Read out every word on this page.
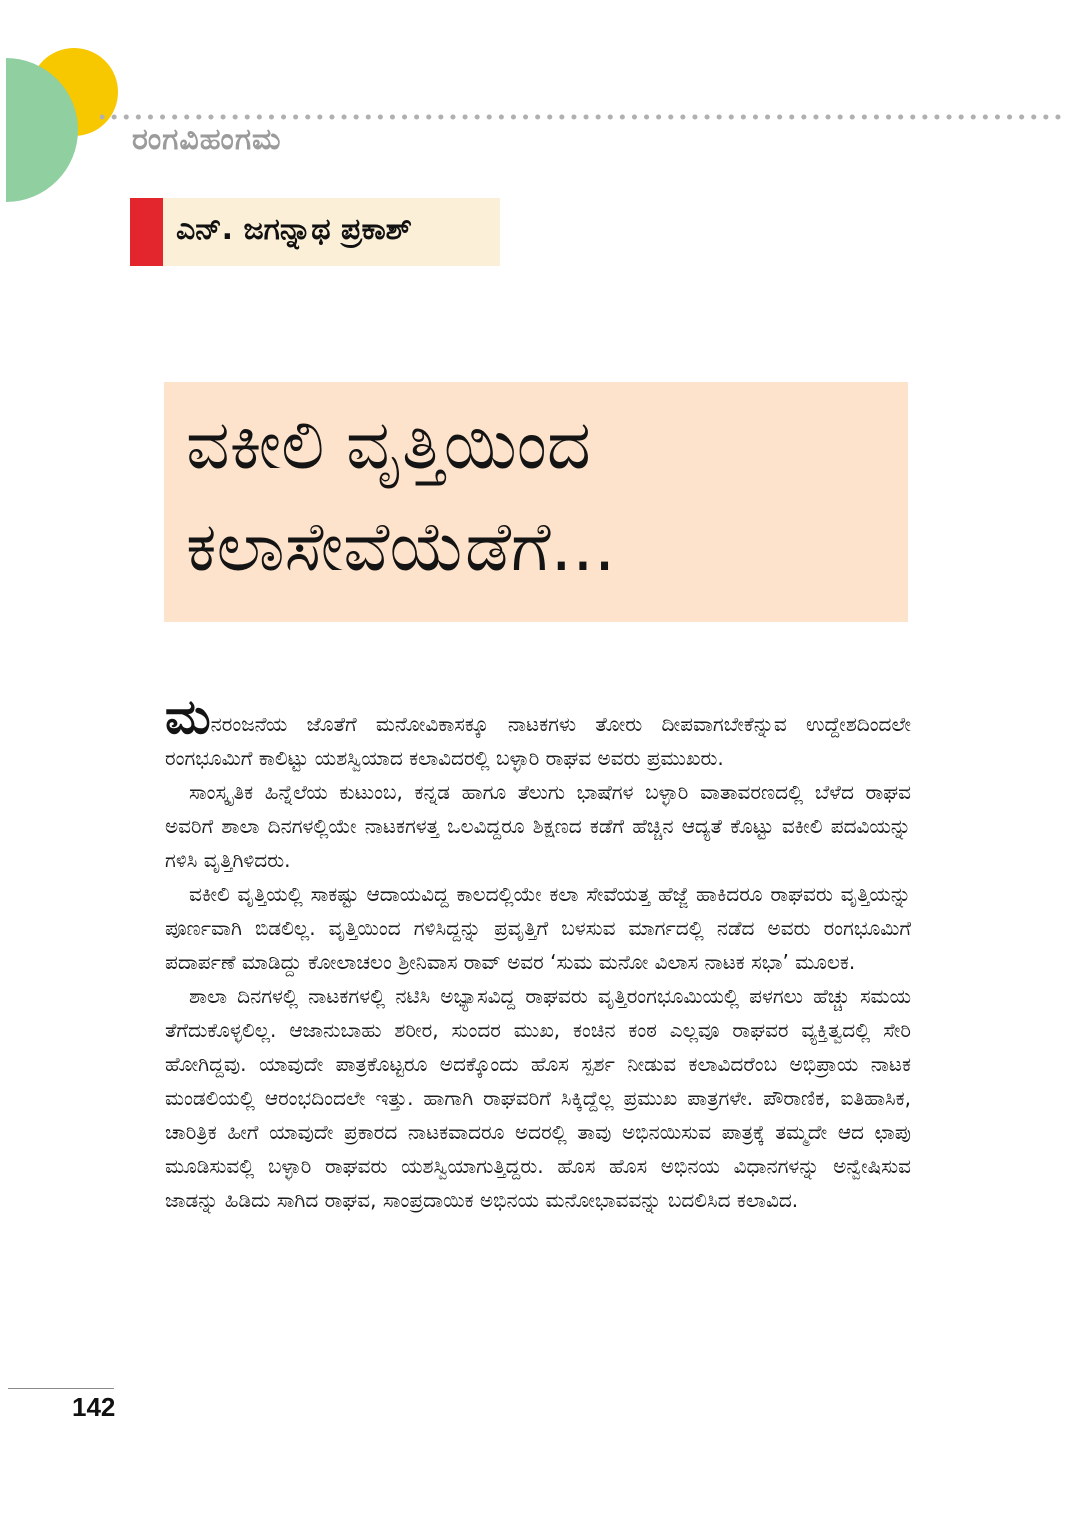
ರಂಗವಿಹಂಗಮ
ಎನ್. ಜಗನ್ನಾಥ ಪ್ರಕಾಶ್
ವಕೀಲಿ ವೃತ್ತಿಯಿಂದ
ಕಲಾಸೇವೆಯೆಡೆಗೆ...

ಮನರಂಜನೆಯ ಜೊತೆಗೆ ಮನೋವಿಕಾಸಕ್ಕೂ ನಾಟಕಗಳು ತೋರು ದೀಪವಾಗಬೇಕೆನ್ನುವ ಉದ್ದೇಶದಿಂದಲೇ ರಂಗಭೂಮಿಗೆ ಕಾಲಿಟ್ಟು ಯಶಸ್ವಿಯಾದ ಕಲಾವಿದರಲ್ಲಿ ಬಳ್ಳಾರಿ ರಾಘವ ಅವರು ಪ್ರಮುಖರು.

ಸಾಂಸ್ಕೃತಿಕ ಹಿನ್ನೆಲೆಯ ಕುಟುಂಬ, ಕನ್ನಡ ಹಾಗೂ ತೆಲುಗು ಭಾಷೆಗಳ ಬಳ್ಳಾರಿ ವಾತಾವರಣದಲ್ಲಿ ಬೆಳೆದ ರಾಘವ ಅವರಿಗೆ ಶಾಲಾ ದಿನಗಳಲ್ಲಿಯೇ ನಾಟಕಗಳತ್ತ ಒಲವಿದ್ದರೂ ಶಿಕ್ಷಣದ ಕಡೆಗೆ ಹೆಚ್ಚಿನ ಆದ್ಯತೆ ಕೊಟ್ಟು ವಕೀಲಿ ಪದವಿಯನ್ನು ಗಳಿಸಿ ವೃತ್ತಿಗಿಳಿದರು.

ವಕೀಲಿ ವೃತ್ತಿಯಲ್ಲಿ ಸಾಕಷ್ಟು ಆದಾಯವಿದ್ದ ಕಾಲದಲ್ಲಿಯೇ ಕಲಾ ಸೇವೆಯತ್ತ ಹೆಜ್ಜೆ ಹಾಕಿದರೂ ರಾಘವರು ವೃತ್ತಿಯನ್ನು ಪೂರ್ಣವಾಗಿ ಬಿಡಲಿಲ್ಲ. ವೃತ್ತಿಯಿಂದ ಗಳಿಸಿದ್ದನ್ನು ಪ್ರವೃತ್ತಿಗೆ ಬಳಸುವ ಮಾರ್ಗದಲ್ಲಿ ನಡೆದ ಅವರು ರಂಗಭೂಮಿಗೆ ಪದಾರ್ಪಣೆ ಮಾಡಿದ್ದು ಕೋಲಾಚಲಂ ಶ್ರೀನಿವಾಸ ರಾವ್ ಅವರ ‘ಸುಮ ಮನೋ ವಿಲಾಸ ನಾಟಕ ಸಭಾ’ ಮೂಲಕ.

ಶಾಲಾ ದಿನಗಳಲ್ಲಿ ನಾಟಕಗಳಲ್ಲಿ ನಟಿಸಿ ಅಭ್ಯಾಸವಿದ್ದ ರಾಘವರು ವೃತ್ತಿರಂಗಭೂಮಿಯಲ್ಲಿ ಪಳಗಲು ಹೆಚ್ಚು ಸಮಯ ತೆಗೆದುಕೊಳ್ಳಲಿಲ್ಲ. ಆಜಾನುಬಾಹು ಶರೀರ, ಸುಂದರ ಮುಖ, ಕಂಚಿನ ಕಂಠ ಎಲ್ಲವೂ ರಾಘವರ ವ್ಯಕ್ತಿತ್ವದಲ್ಲಿ ಸೇರಿ ಹೋಗಿದ್ದವು. ಯಾವುದೇ ಪಾತ್ರಕೊಟ್ಟರೂ ಅದಕ್ಕೊಂದು ಹೊಸ ಸ್ಪರ್ಶ ನೀಡುವ ಕಲಾವಿದರೆಂಬ ಅಭಿಪ್ರಾಯ ನಾಟಕ ಮಂಡಲಿಯಲ್ಲಿ ಆರಂಭದಿಂದಲೇ ಇತ್ತು. ಹಾಗಾಗಿ ರಾಘವರಿಗೆ ಸಿಕ್ಕಿದ್ದೆಲ್ಲ ಪ್ರಮುಖ ಪಾತ್ರಗಳೇ. ಪೌರಾಣಿಕ, ಐತಿಹಾಸಿಕ, ಚಾರಿತ್ರಿಕ ಹೀಗೆ ಯಾವುದೇ ಪ್ರಕಾರದ ನಾಟಕವಾದರೂ ಅದರಲ್ಲಿ ತಾವು ಅಭಿನಯಿಸುವ ಪಾತ್ರಕ್ಕೆ ತಮ್ಮದೇ ಆದ ಛಾಪು ಮೂಡಿಸುವಲ್ಲಿ ಬಳ್ಳಾರಿ ರಾಘವರು ಯಶಸ್ವಿಯಾಗುತ್ತಿದ್ದರು. ಹೊಸ ಹೊಸ ಅಭಿನಯ ವಿಧಾನಗಳನ್ನು ಅನ್ವೇಷಿಸುವ ಜಾಡನ್ನು ಹಿಡಿದು ಸಾಗಿದ ರಾಘವ, ಸಾಂಪ್ರದಾಯಿಕ ಅಭಿನಯ ಮನೋಭಾವವನ್ನು ಬದಲಿಸಿದ ಕಲಾವಿದ.

142
